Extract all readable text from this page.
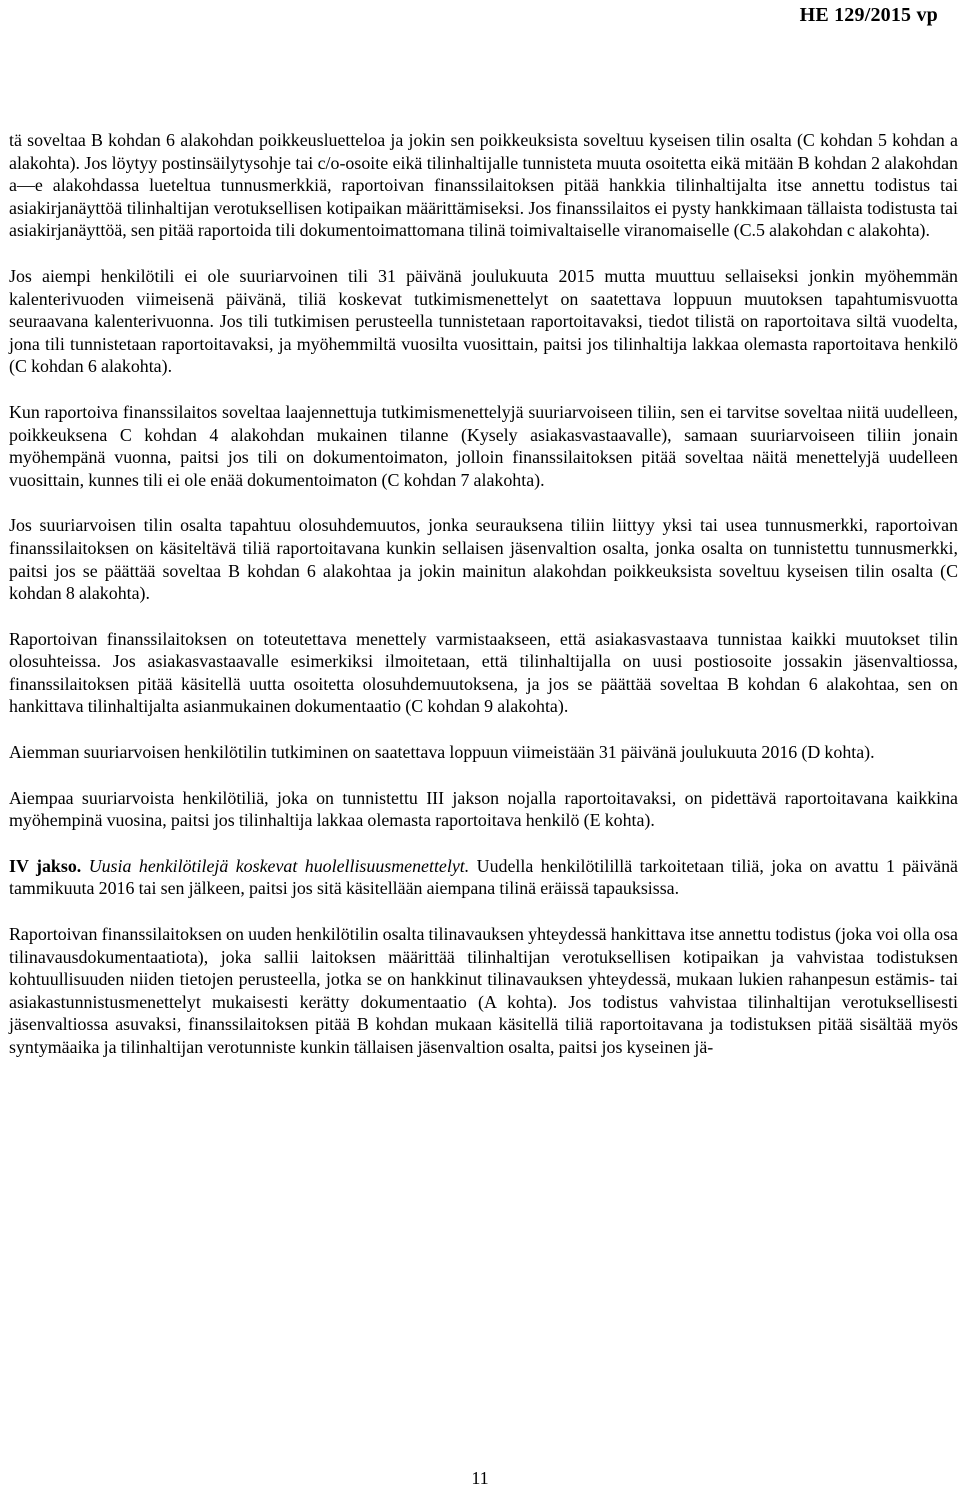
HE 129/2015 vp

tä soveltaa B kohdan 6 alakohdan poikkeusluetteloa ja jokin sen poikkeuksista soveltuu kyseisen tilin osalta (C kohdan 5 kohdan a alakohta). Jos löytyy postinsäilytysohje tai c/o-osoite eikä tilinhaltijalle tunnisteta muuta osoitetta eikä mitään B kohdan 2 alakohdan a—e alakohdassa lueteltua tunnusmerkkiä, raportoivan finanssilaitoksen pitää hankkia tilinhaltijalta itse annettu todistus tai asiakirjanäyttöä tilinhaltijan verotuksellisen kotipaikan määrittämiseksi. Jos finanssilaitos ei pysty hankkimaan tällaista todistusta tai asiakirjanäyttöä, sen pitää raportoida tili dokumentoimattomana tilinä toimivaltaiselle viranomaiselle (C.5 alakohdan c alakohta).

Jos aiempi henkilötili ei ole suuriarvoinen tili 31 päivänä joulukuuta 2015 mutta muuttuu sellaiseksi jonkin myöhemmän kalenterivuoden viimeisenä päivänä, tiliä koskevat tutkimismenettelyt on saatettava loppuun muutoksen tapahtumisvuotta seuraavana kalenterivuonna. Jos tili tutkimisen perusteella tunnistetaan raportoitavaksi, tiedot tilistä on raportoitava siltä vuodelta, jona tili tunnistetaan raportoitavaksi, ja myöhemmiltä vuosilta vuosittain, paitsi jos tilinhaltija lakkaa olemasta raportoitava henkilö (C kohdan 6 alakohta).

Kun raportoiva finanssilaitos soveltaa laajennettuja tutkimismenettelyjä suuriarvoiseen tiliin, sen ei tarvitse soveltaa niitä uudelleen, poikkeuksena C kohdan 4 alakohdan mukainen tilanne (Kysely asiakasvastaavalle), samaan suuriarvoiseen tiliin jonain myöhempänä vuonna, paitsi jos tili on dokumentoimaton, jolloin finanssilaitoksen pitää soveltaa näitä menettelyjä uudelleen vuosittain, kunnes tili ei ole enää dokumentoimaton (C kohdan 7 alakohta).

Jos suuriarvoisen tilin osalta tapahtuu olosuhdemuutos, jonka seurauksena tiliin liittyy yksi tai usea tunnusmerkki, raportoivan finanssilaitoksen on käsiteltävä tiliä raportoitavana kunkin sellaisen jäsenvaltion osalta, jonka osalta on tunnistettu tunnusmerkki, paitsi jos se päättää soveltaa B kohdan 6 alakohtaa ja jokin mainitun alakohdan poikkeuksista soveltuu kyseisen tilin osalta (C kohdan 8 alakohta).

Raportoivan finanssilaitoksen on toteutettava menettely varmistaakseen, että asiakasvastaava tunnistaa kaikki muutokset tilin olosuhteissa. Jos asiakasvastaavalle esimerkiksi ilmoitetaan, että tilinhaltijalla on uusi postiosoite jossakin jäsenvaltiossa, finanssilaitoksen pitää käsitellä uutta osoitetta olosuhdemuutoksena, ja jos se päättää soveltaa B kohdan 6 alakohtaa, sen on hankittava tilinhaltijalta asianmukainen dokumentaatio (C kohdan 9 alakohta).

Aiemman suuriarvoisen henkilötilin tutkiminen on saatettava loppuun viimeistään 31 päivänä joulukuuta 2016 (D kohta).

Aiempaa suuriarvoista henkilötiliä, joka on tunnistettu III jakson nojalla raportoitavaksi, on pidettävä raportoitavana kaikkina myöhempinä vuosina, paitsi jos tilinhaltija lakkaa olemasta raportoitava henkilö (E kohta).

IV jakso. Uusia henkilötilejä koskevat huolellisuusmenettelyt. Uudella henkilötilillä tarkoitetaan tiliä, joka on avattu 1 päivänä tammikuuta 2016 tai sen jälkeen, paitsi jos sitä käsitellään aiempana tilinä eräissä tapauksissa.

Raportoivan finanssilaitoksen on uuden henkilötilin osalta tilinavauksen yhteydessä hankittava itse annettu todistus (joka voi olla osa tilinavausdokumentaatiota), joka sallii laitoksen määrittää tilinhaltijan verotuksellisen kotipaikan ja vahvistaa todistuksen kohtuullisuuden niiden tietojen perusteella, jotka se on hankkinut tilinavauksen yhteydessä, mukaan lukien rahanpesun estämis- tai asiakastunnistusmenettelyt mukaisesti kerätty dokumentaatio (A kohta). Jos todistus vahvistaa tilinhaltijan verotuksellisesti jäsenvaltiossa asuvaksi, finanssilaitoksen pitää B kohdan mukaan käsitellä tiliä raportoitavana ja todistuksen pitää sisältää myös syntymäaika ja tilinhaltijan verotunniste kunkin tällaisen jäsenvaltion osalta, paitsi jos kyseinen jä-

11
